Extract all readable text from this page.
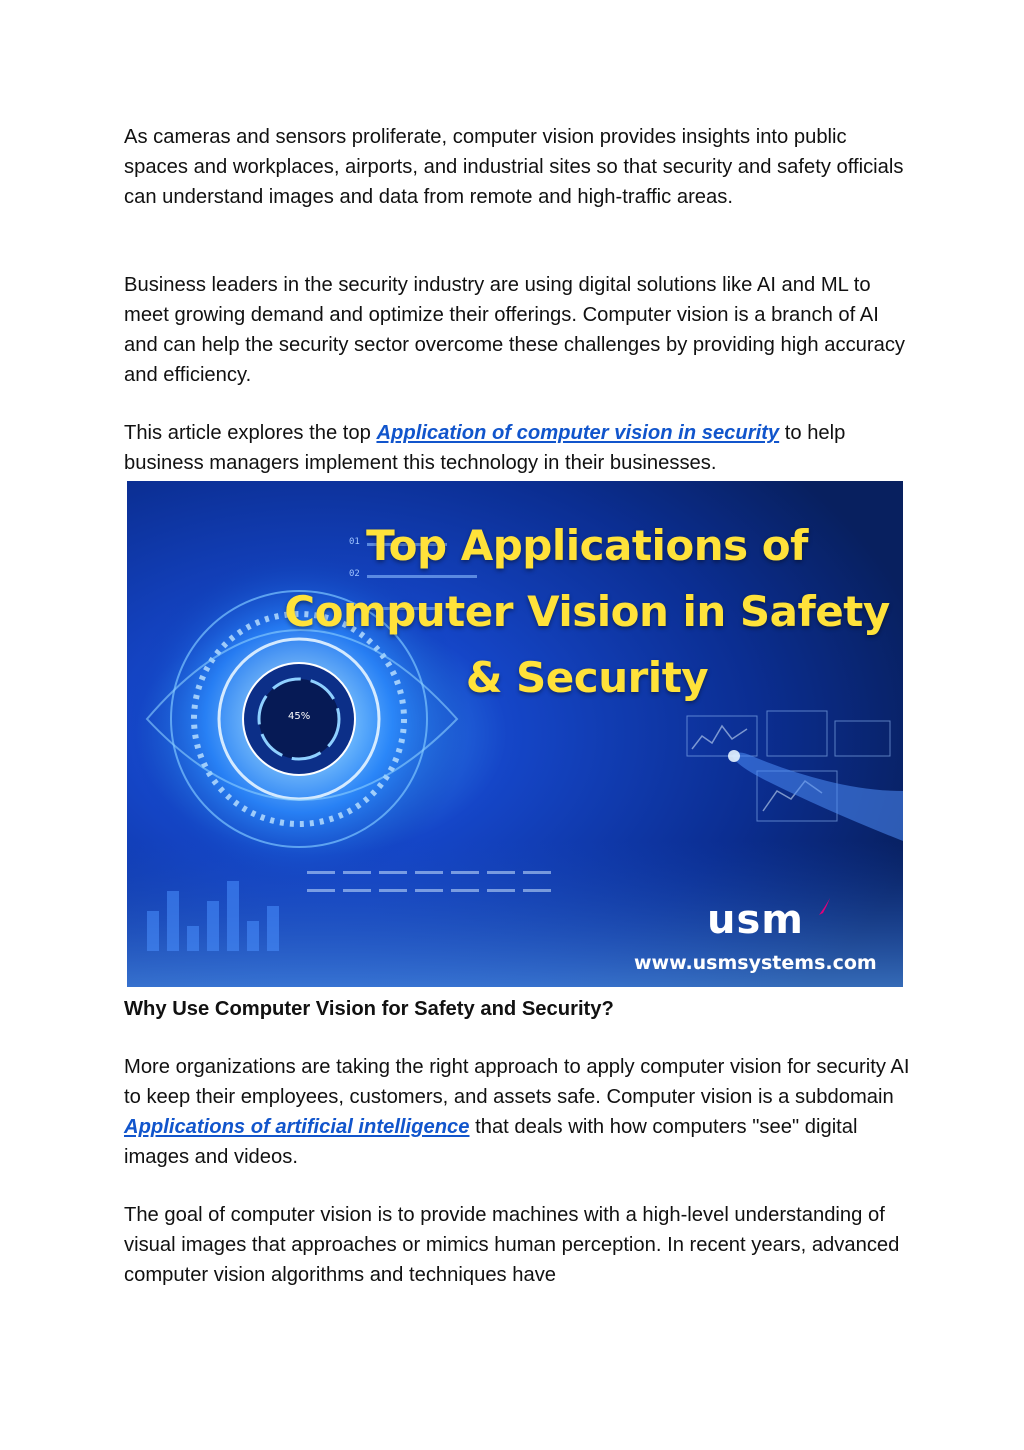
As cameras and sensors proliferate, computer vision provides insights into public spaces and workplaces, airports, and industrial sites so that security and safety officials can understand images and data from remote and high-traffic areas.

Business leaders in the security industry are using digital solutions like AI and ML to meet growing demand and optimize their offerings. Computer vision is a branch of AI and can help the security sector overcome these challenges by providing high accuracy and efficiency.

This article explores the top Application of computer vision in security to help business managers implement this technology in their businesses.

01
02
Top Applications of
Computer Vision in Safety
& Security
45%
usm
www.usmsystems.com
Why Use Computer Vision for Safety and Security?

More organizations are taking the right approach to apply computer vision for security AI to keep their employees, customers, and assets safe. Computer vision is a subdomain Applications of artificial intelligence that deals with how computers "see" digital images and videos.

The goal of computer vision is to provide machines with a high-level understanding of visual images that approaches or mimics human perception. In recent years, advanced computer vision algorithms and techniques have
